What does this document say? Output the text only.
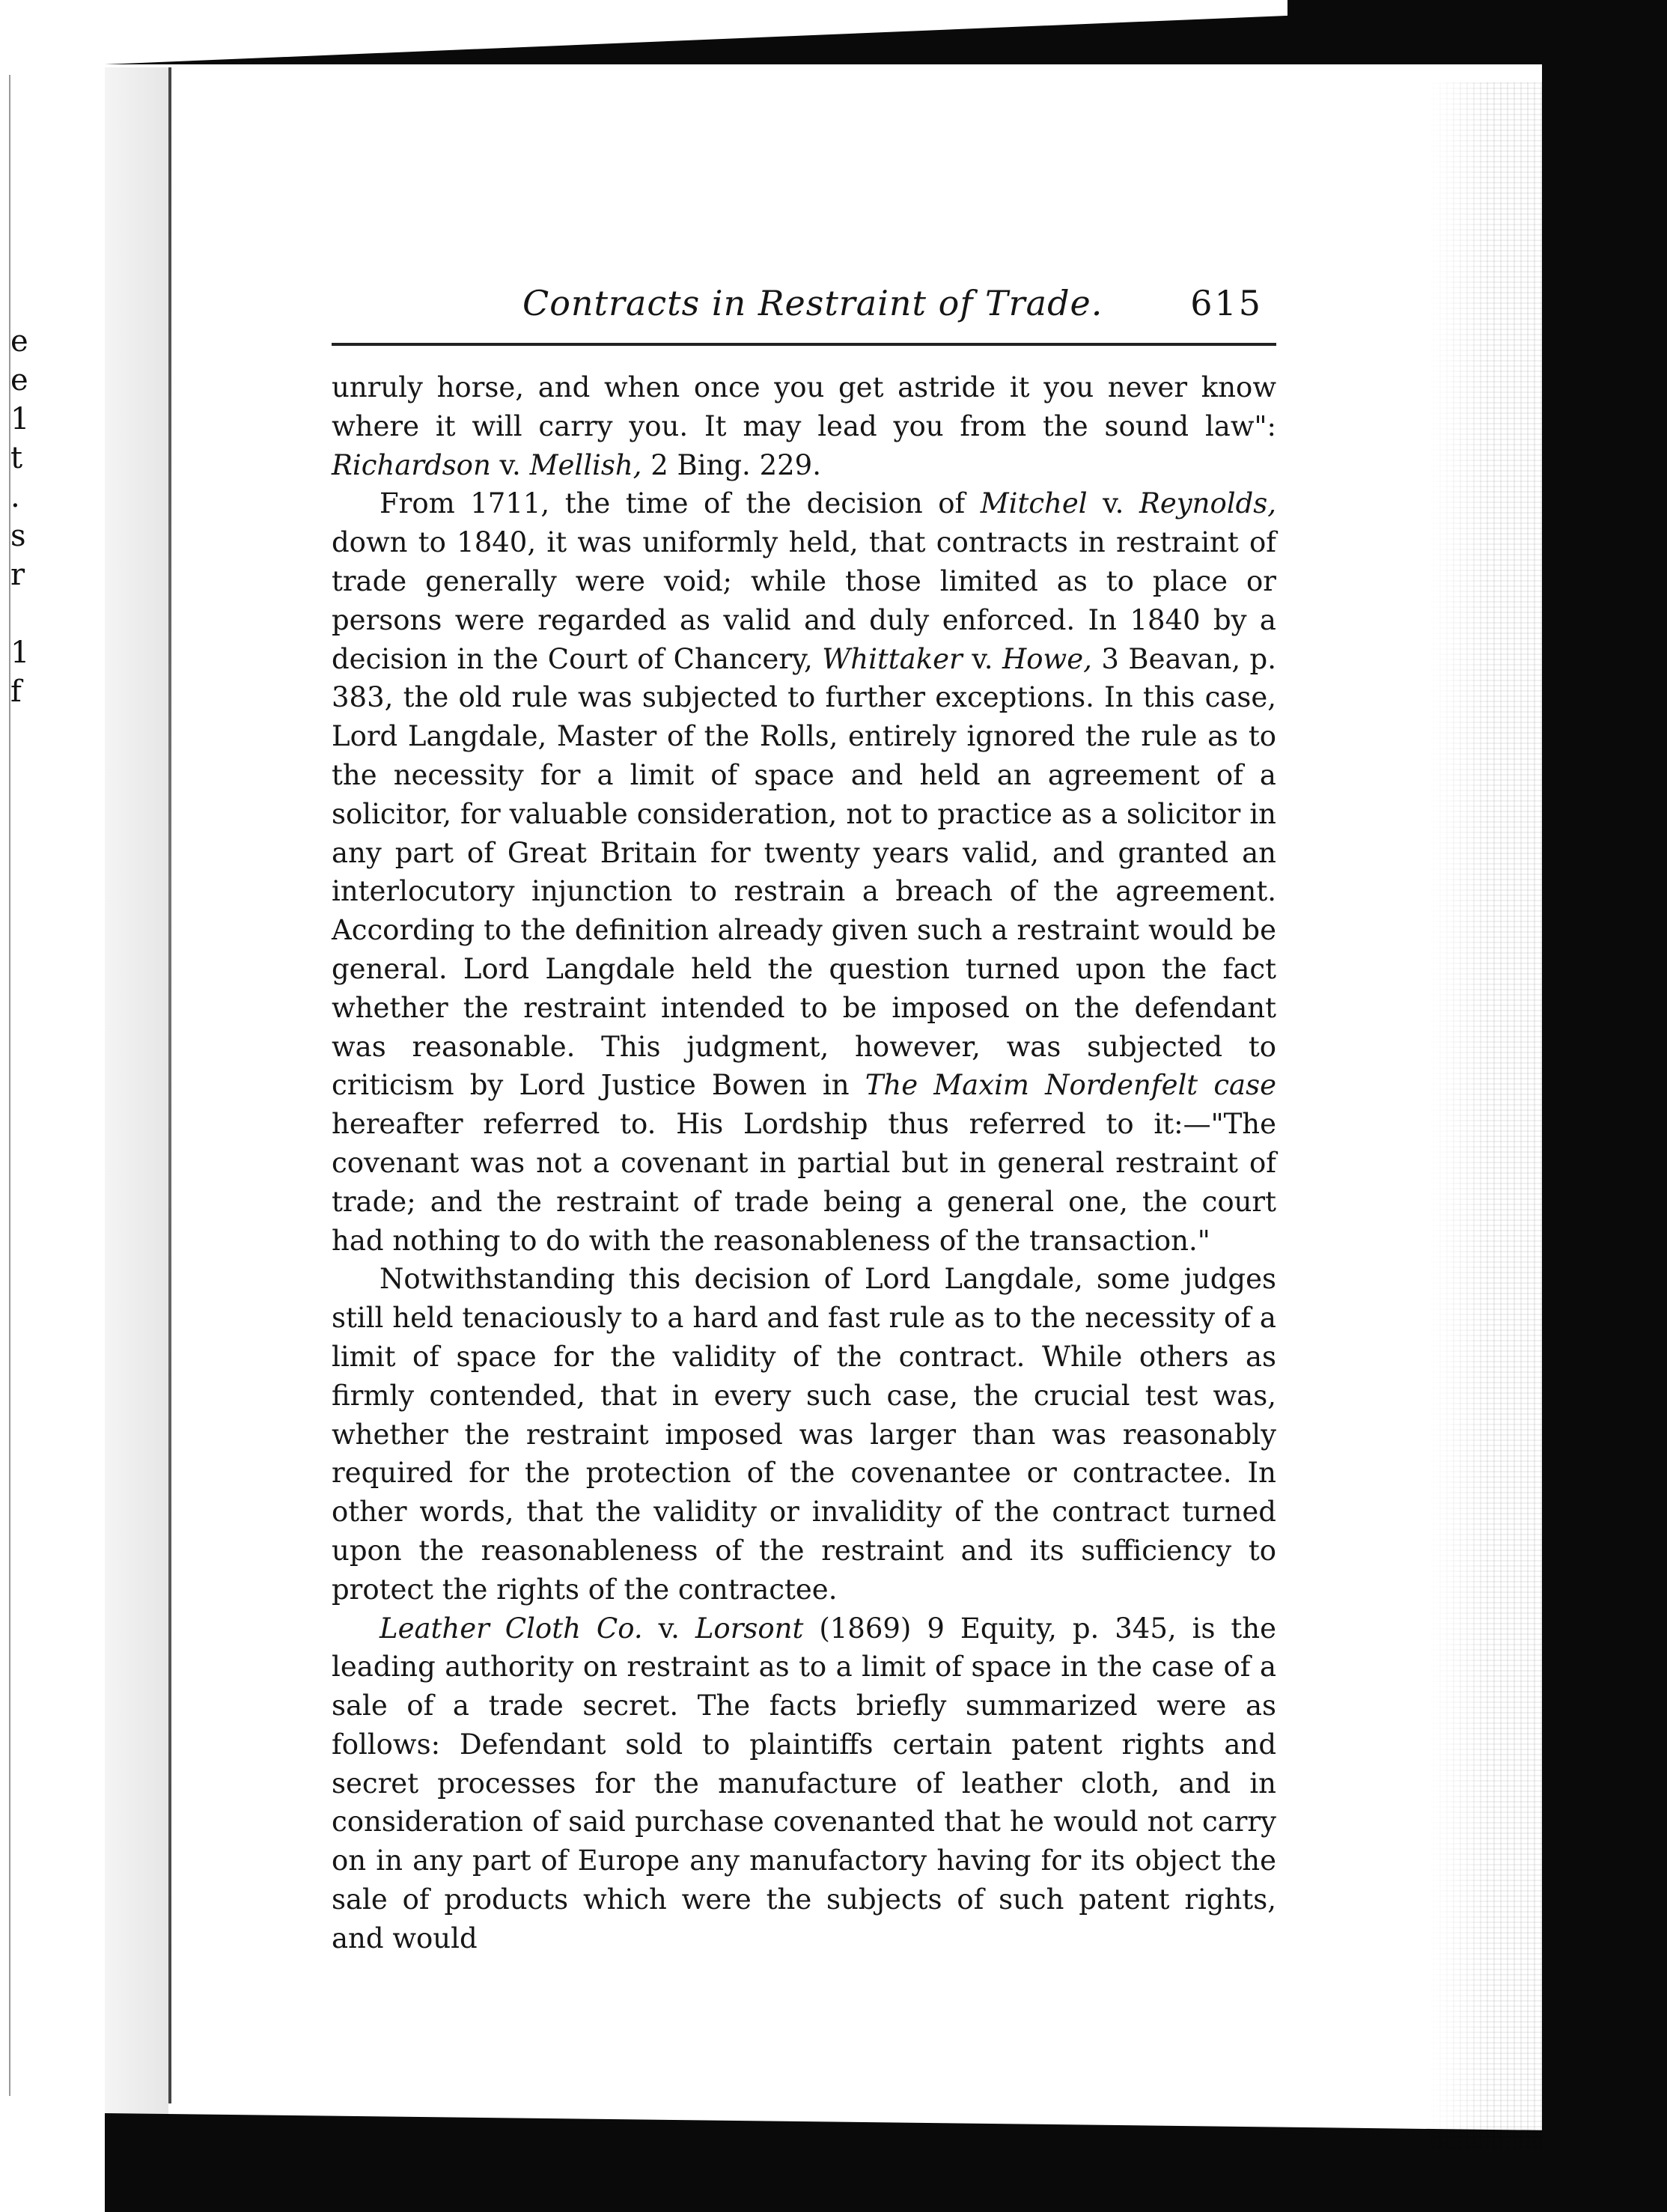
e
e
1
t
.
s
r

1
f
Contracts in Restraint of Trade.	615

unruly horse, and when once you get astride it you never know where it will carry you. It may lead you from the sound law": Richardson v. Mellish, 2 Bing. 229.

From 1711, the time of the decision of Mitchel v. Reynolds, down to 1840, it was uniformly held, that contracts in restraint of trade generally were void; while those limited as to place or persons were regarded as valid and duly enforced. In 1840 by a decision in the Court of Chancery, Whittaker v. Howe, 3 Beavan, p. 383, the old rule was subjected to further exceptions. In this case, Lord Langdale, Master of the Rolls, entirely ignored the rule as to the necessity for a limit of space and held an agreement of a solicitor, for valuable consideration, not to practice as a solicitor in any part of Great Britain for twenty years valid, and granted an interlocutory injunction to restrain a breach of the agreement. According to the definition already given such a restraint would be general. Lord Langdale held the question turned upon the fact whether the restraint intended to be imposed on the defendant was reasonable. This judgment, however, was subjected to criticism by Lord Justice Bowen in The Maxim Nordenfelt case hereafter referred to. His Lordship thus referred to it:—"The covenant was not a covenant in partial but in general restraint of trade; and the restraint of trade being a general one, the court had nothing to do with the reasonableness of the transaction."

Notwithstanding this decision of Lord Langdale, some judges still held tenaciously to a hard and fast rule as to the necessity of a limit of space for the validity of the contract. While others as firmly contended, that in every such case, the crucial test was, whether the restraint imposed was larger than was reasonably required for the protection of the covenantee or contractee. In other words, that the validity or invalidity of the contract turned upon the reasonableness of the restraint and its sufficiency to protect the rights of the contractee.

Leather Cloth Co. v. Lorsont (1869) 9 Equity, p. 345, is the leading authority on restraint as to a limit of space in the case of a sale of a trade secret. The facts briefly summarized were as follows: Defendant sold to plaintiffs certain patent rights and secret processes for the manufacture of leather cloth, and in consideration of said purchase covenanted that he would not carry on in any part of Europe any manufactory having for its object the sale of products which were the subjects of such patent rights, and would
